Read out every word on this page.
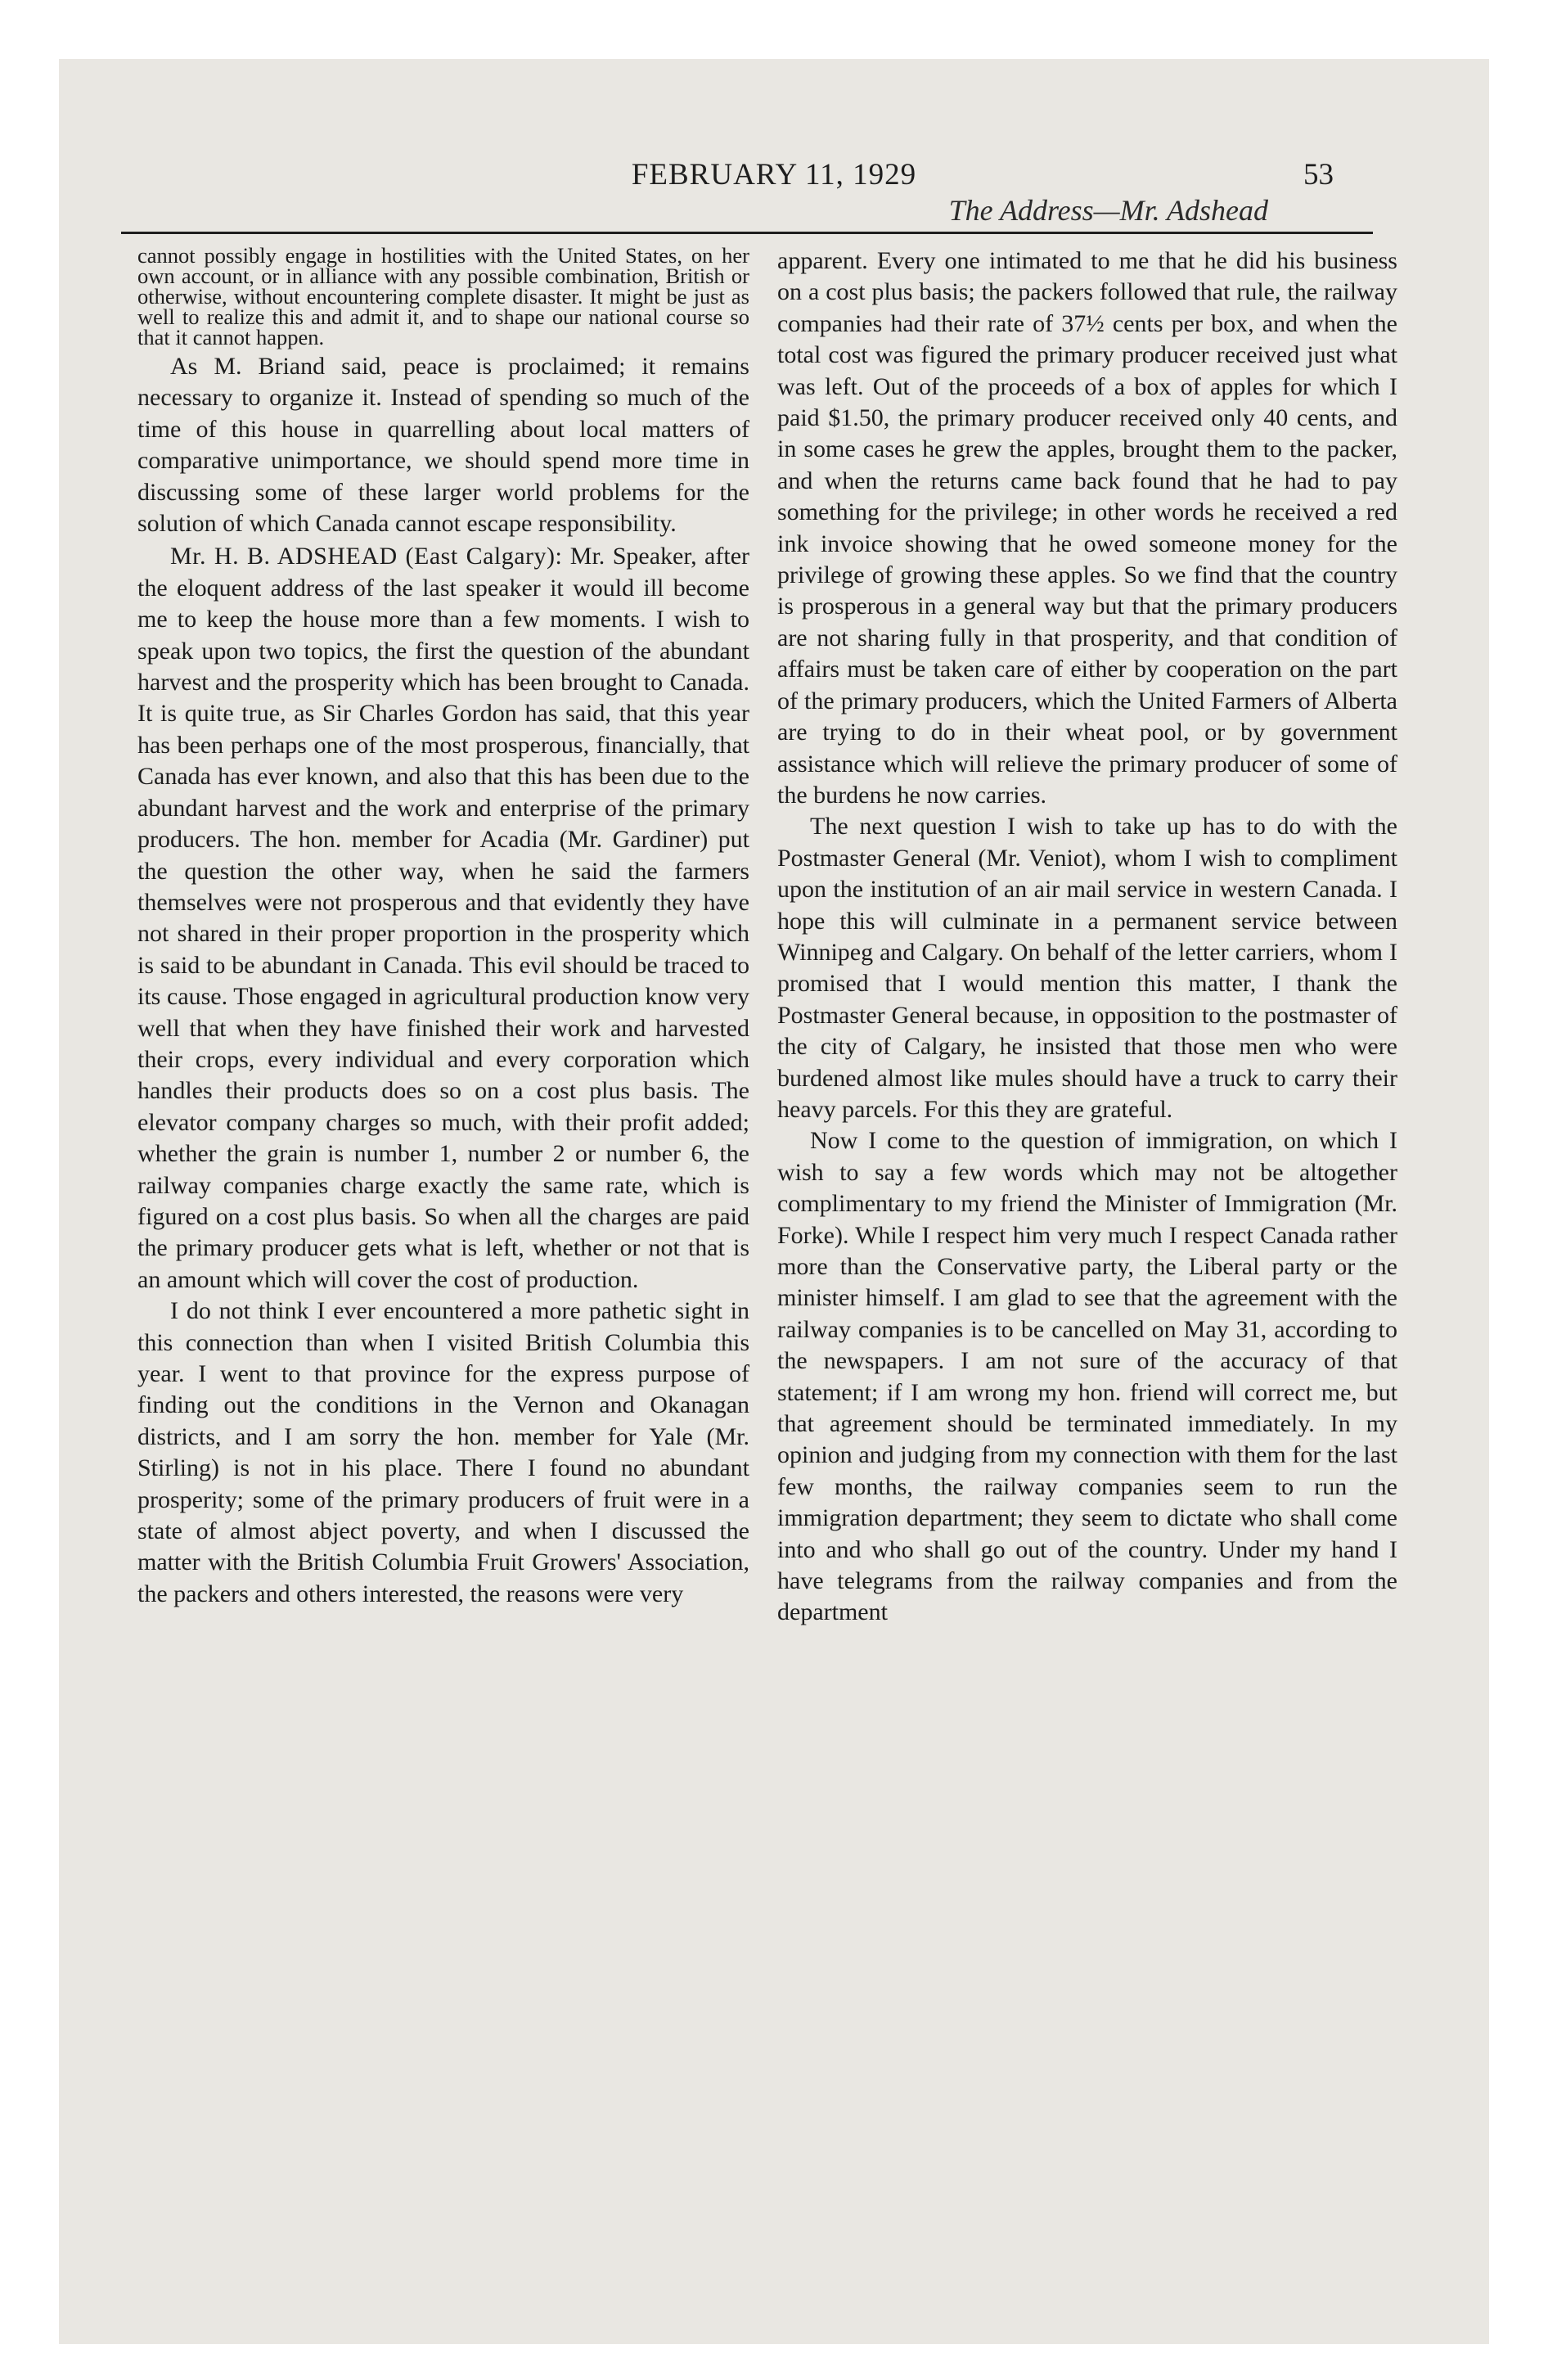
FEBRUARY 11, 1929	53
The Address—Mr. Adshead

cannot possibly engage in hostilities with the United States, on her own account, or in alliance with any possible combination, British or otherwise, without encountering complete disaster. It might be just as well to realize this and admit it, and to shape our national course so that it cannot happen.

As M. Briand said, peace is proclaimed; it remains necessary to organize it. Instead of spending so much of the time of this house in quarrelling about local matters of comparative unimportance, we should spend more time in discussing some of these larger world problems for the solution of which Canada cannot escape responsibility.

Mr. H. B. ADSHEAD (East Calgary): Mr. Speaker, after the eloquent address of the last speaker it would ill become me to keep the house more than a few moments. I wish to speak upon two topics, the first the question of the abundant harvest and the prosperity which has been brought to Canada. It is quite true, as Sir Charles Gordon has said, that this year has been perhaps one of the most prosperous, financially, that Canada has ever known, and also that this has been due to the abundant harvest and the work and enterprise of the primary producers. The hon. member for Acadia (Mr. Gardiner) put the question the other way, when he said the farmers themselves were not prosperous and that evidently they have not shared in their proper proportion in the prosperity which is said to be abundant in Canada. This evil should be traced to its cause. Those engaged in agricultural production know very well that when they have finished their work and harvested their crops, every individual and every corporation which handles their products does so on a cost plus basis. The elevator company charges so much, with their profit added; whether the grain is number 1, number 2 or number 6, the railway companies charge exactly the same rate, which is figured on a cost plus basis. So when all the charges are paid the primary producer gets what is left, whether or not that is an amount which will cover the cost of production.

I do not think I ever encountered a more pathetic sight in this connection than when I visited British Columbia this year. I went to that province for the express purpose of finding out the conditions in the Vernon and Okanagan districts, and I am sorry the hon. member for Yale (Mr. Stirling) is not in his place. There I found no abundant prosperity; some of the primary producers of fruit were in a state of almost abject poverty, and when I discussed the matter with the British Columbia Fruit Growers' Association, the packers and others interested, the reasons were very

apparent. Every one intimated to me that he did his business on a cost plus basis; the packers followed that rule, the railway companies had their rate of 37½ cents per box, and when the total cost was figured the primary producer received just what was left. Out of the proceeds of a box of apples for which I paid $1.50, the primary producer received only 40 cents, and in some cases he grew the apples, brought them to the packer, and when the returns came back found that he had to pay something for the privilege; in other words he received a red ink invoice showing that he owed someone money for the privilege of growing these apples. So we find that the country is prosperous in a general way but that the primary producers are not sharing fully in that prosperity, and that condition of affairs must be taken care of either by cooperation on the part of the primary producers, which the United Farmers of Alberta are trying to do in their wheat pool, or by government assistance which will relieve the primary producer of some of the burdens he now carries.

The next question I wish to take up has to do with the Postmaster General (Mr. Veniot), whom I wish to compliment upon the institution of an air mail service in western Canada. I hope this will culminate in a permanent service between Winnipeg and Calgary. On behalf of the letter carriers, whom I promised that I would mention this matter, I thank the Postmaster General because, in opposition to the postmaster of the city of Calgary, he insisted that those men who were burdened almost like mules should have a truck to carry their heavy parcels. For this they are grateful.

Now I come to the question of immigration, on which I wish to say a few words which may not be altogether complimentary to my friend the Minister of Immigration (Mr. Forke). While I respect him very much I respect Canada rather more than the Conservative party, the Liberal party or the minister himself. I am glad to see that the agreement with the railway companies is to be cancelled on May 31, according to the newspapers. I am not sure of the accuracy of that statement; if I am wrong my hon. friend will correct me, but that agreement should be terminated immediately. In my opinion and judging from my connection with them for the last few months, the railway companies seem to run the immigration department; they seem to dictate who shall come into and who shall go out of the country. Under my hand I have telegrams from the railway companies and from the department
